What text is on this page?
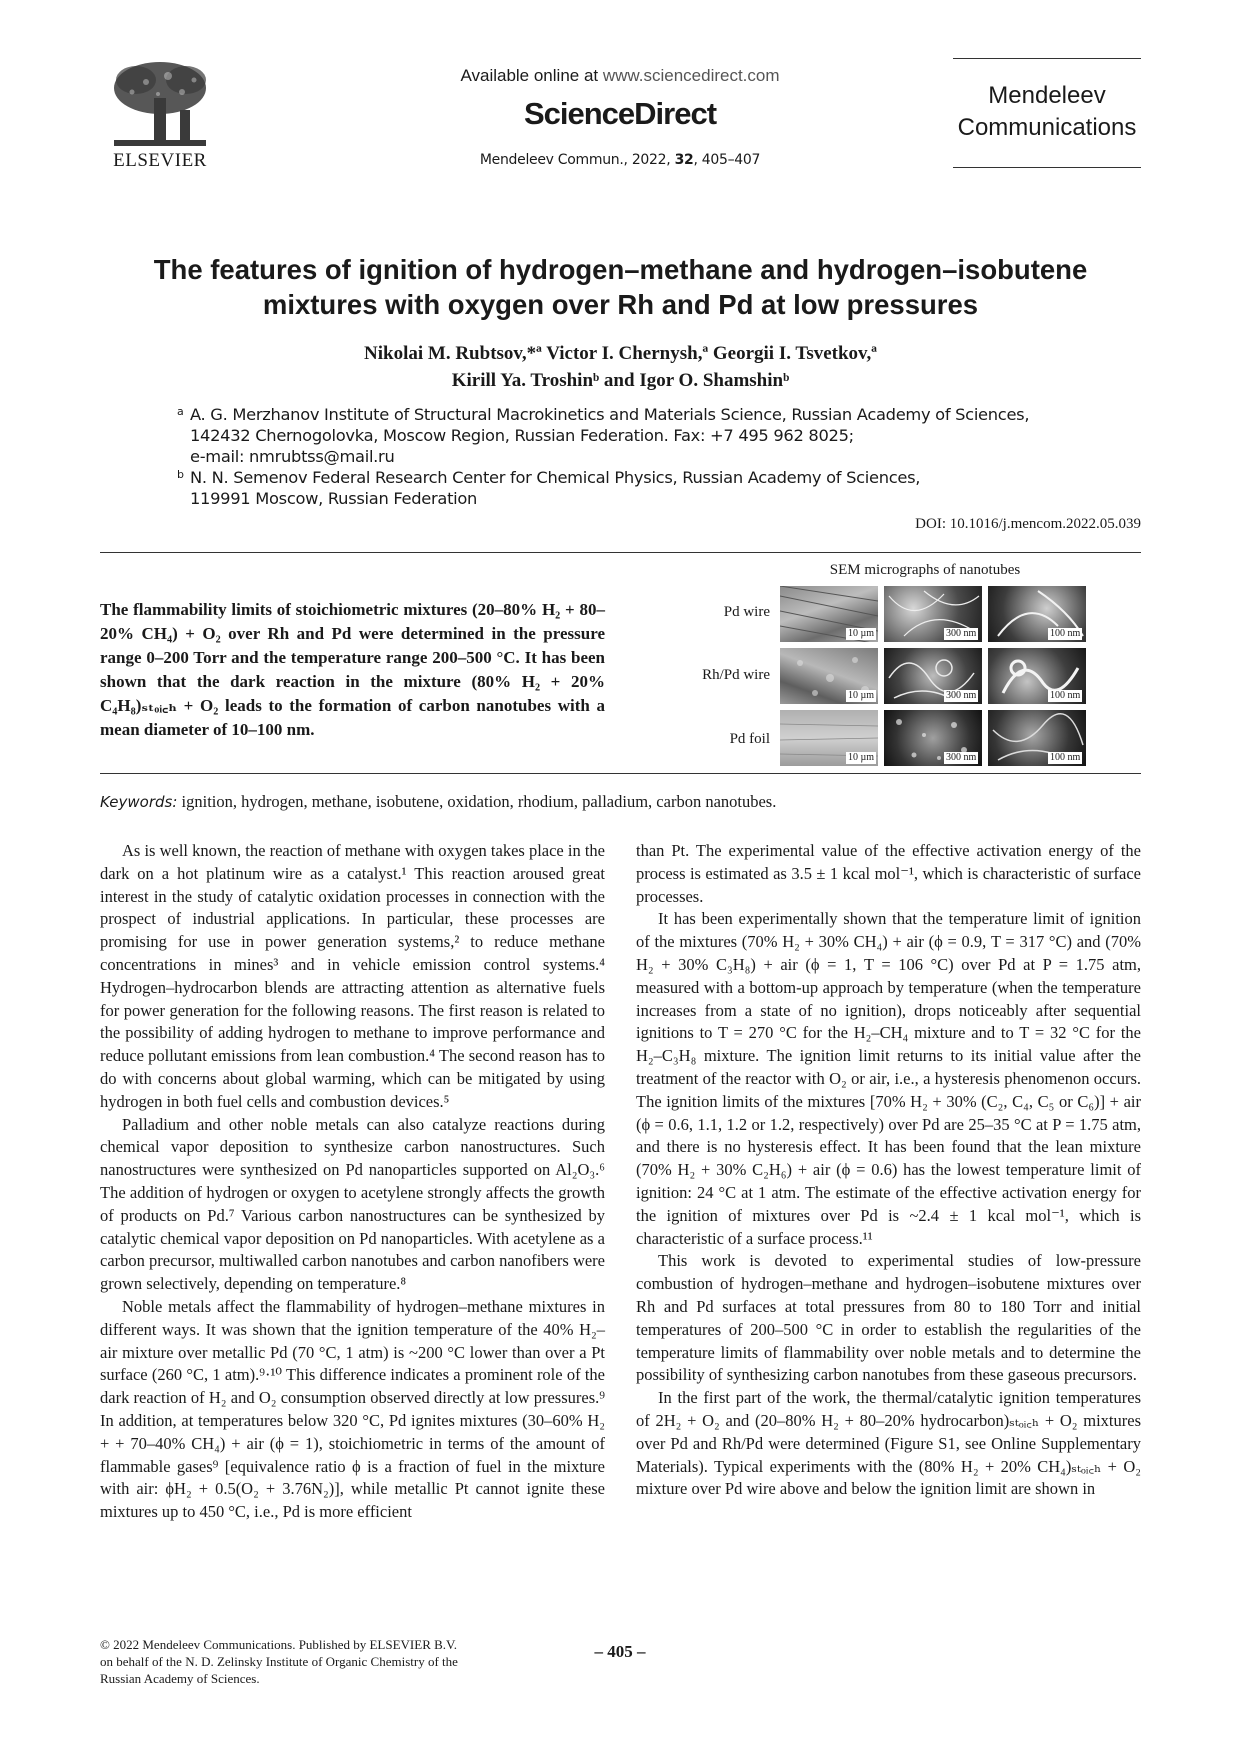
ELSEVIER
Available online at www.sciencedirect.com
ScienceDirect
Mendeleev Commun., 2022, 32, 405–407
Mendeleev
Communications
The features of ignition of hydrogen–methane and hydrogen–isobutene
mixtures with oxygen over Rh and Pd at low pressures
Nikolai M. Rubtsov,*ª Victor I. Chernysh,ª Georgii I. Tsvetkov,ª
Kirill Ya. Troshinᵇ and Igor O. Shamshinᵇ
a A. G. Merzhanov Institute of Structural Macrokinetics and Materials Science, Russian Academy of Sciences,
142432 Chernogolovka, Moscow Region, Russian Federation. Fax: +7 495 962 8025;
e-mail: nmrubtss@mail.ru
b N. N. Semenov Federal Research Center for Chemical Physics, Russian Academy of Sciences,
119991 Moscow, Russian Federation
DOI: 10.1016/j.mencom.2022.05.039
The flammability limits of stoichiometric mixtures (20–80% H₂ + 80–20% CH₄) + O₂ over Rh and Pd were determined in the pressure range 0–200 Torr and the temperature range 200–500 °C. It has been shown that the dark reaction in the mixture (80% H₂ + 20% C₄H₈)ₛₜₒᵢ꜀ₕ + O₂ leads to the formation of carbon nanotubes with a mean diameter of 10–100 nm.
SEM micrographs of nanotubes
Pd wire
Rh/Pd wire
Pd foil
10 µm	300 nm	100 nm
10 µm	300 nm	100 nm
10 µm	300 nm	100 nm
Keywords: ignition, hydrogen, methane, isobutene, oxidation, rhodium, palladium, carbon nanotubes.

As is well known, the reaction of methane with oxygen takes place in the dark on a hot platinum wire as a catalyst.¹ This reaction aroused great interest in the study of catalytic oxidation processes in connection with the prospect of industrial applications. In particular, these processes are promising for use in power generation systems,² to reduce methane concentrations in mines³ and in vehicle emission control systems.⁴ Hydrogen–hydrocarbon blends are attracting attention as alternative fuels for power generation for the following reasons. The first reason is related to the possibility of adding hydrogen to methane to improve performance and reduce pollutant emissions from lean combustion.⁴ The second reason has to do with concerns about global warming, which can be mitigated by using hydrogen in both fuel cells and combustion devices.⁵

Palladium and other noble metals can also catalyze reactions during chemical vapor deposition to synthesize carbon nanostructures. Such nanostructures were synthesized on Pd nanoparticles supported on Al₂O₃.⁶ The addition of hydrogen or oxygen to acetylene strongly affects the growth of products on Pd.⁷ Various carbon nanostructures can be synthesized by catalytic chemical vapor deposition on Pd nanoparticles. With acetylene as a carbon precursor, multiwalled carbon nanotubes and carbon nanofibers were grown selectively, depending on temperature.⁸

Noble metals affect the flammability of hydrogen–methane mixtures in different ways. It was shown that the ignition temperature of the 40% H₂–air mixture over metallic Pd (70 °C, 1 atm) is ~200 °C lower than over a Pt surface (260 °C, 1 atm).⁹·¹⁰ This difference indicates a prominent role of the dark reaction of H₂ and O₂ consumption observed directly at low pressures.⁹ In addition, at temperatures below 320 °C, Pd ignites mixtures (30–60% H₂ + + 70–40% CH₄) + air (ϕ = 1), stoichiometric in terms of the amount of flammable gases⁹ [equivalence ratio ϕ is a fraction of fuel in the mixture with air: ϕH₂ + 0.5(O₂ + 3.76N₂)], while metallic Pt cannot ignite these mixtures up to 450 °C, i.e., Pd is more efficient

than Pt. The experimental value of the effective activation energy of the process is estimated as 3.5 ± 1 kcal mol⁻¹, which is characteristic of surface processes.

It has been experimentally shown that the temperature limit of ignition of the mixtures (70% H₂ + 30% CH₄) + air (ϕ = 0.9, T = 317 °C) and (70% H₂ + 30% C₃H₈) + air (ϕ = 1, T = 106 °C) over Pd at P = 1.75 atm, measured with a bottom-up approach by temperature (when the temperature increases from a state of no ignition), drops noticeably after sequential ignitions to T = 270 °C for the H₂–CH₄ mixture and to T = 32 °C for the H₂–C₃H₈ mixture. The ignition limit returns to its initial value after the treatment of the reactor with O₂ or air, i.e., a hysteresis phenomenon occurs. The ignition limits of the mixtures [70% H₂ + 30% (C₂, C₄, C₅ or C₆)] + air (ϕ = 0.6, 1.1, 1.2 or 1.2, respectively) over Pd are 25–35 °C at P = 1.75 atm, and there is no hysteresis effect. It has been found that the lean mixture (70% H₂ + 30% C₂H₆) + air (ϕ = 0.6) has the lowest temperature limit of ignition: 24 °C at 1 atm. The estimate of the effective activation energy for the ignition of mixtures over Pd is ~2.4 ± 1 kcal mol⁻¹, which is characteristic of a surface process.¹¹

This work is devoted to experimental studies of low-pressure combustion of hydrogen–methane and hydrogen–isobutene mixtures over Rh and Pd surfaces at total pressures from 80 to 180 Torr and initial temperatures of 200–500 °C in order to establish the regularities of the temperature limits of flammability over noble metals and to determine the possibility of synthesizing carbon nanotubes from these gaseous precursors.

In the first part of the work, the thermal/catalytic ignition temperatures of 2H₂ + O₂ and (20–80% H₂ + 80–20% hydrocarbon)ₛₜₒᵢ꜀ₕ + O₂ mixtures over Pd and Rh/Pd were determined (Figure S1, see Online Supplementary Materials). Typical experiments with the (80% H₂ + 20% CH₄)ₛₜₒᵢ꜀ₕ + O₂ mixture over Pd wire above and below the ignition limit are shown in

© 2022 Mendeleev Communications. Published by ELSEVIER B.V.
on behalf of the N. D. Zelinsky Institute of Organic Chemistry of the
Russian Academy of Sciences.
– 405 –
